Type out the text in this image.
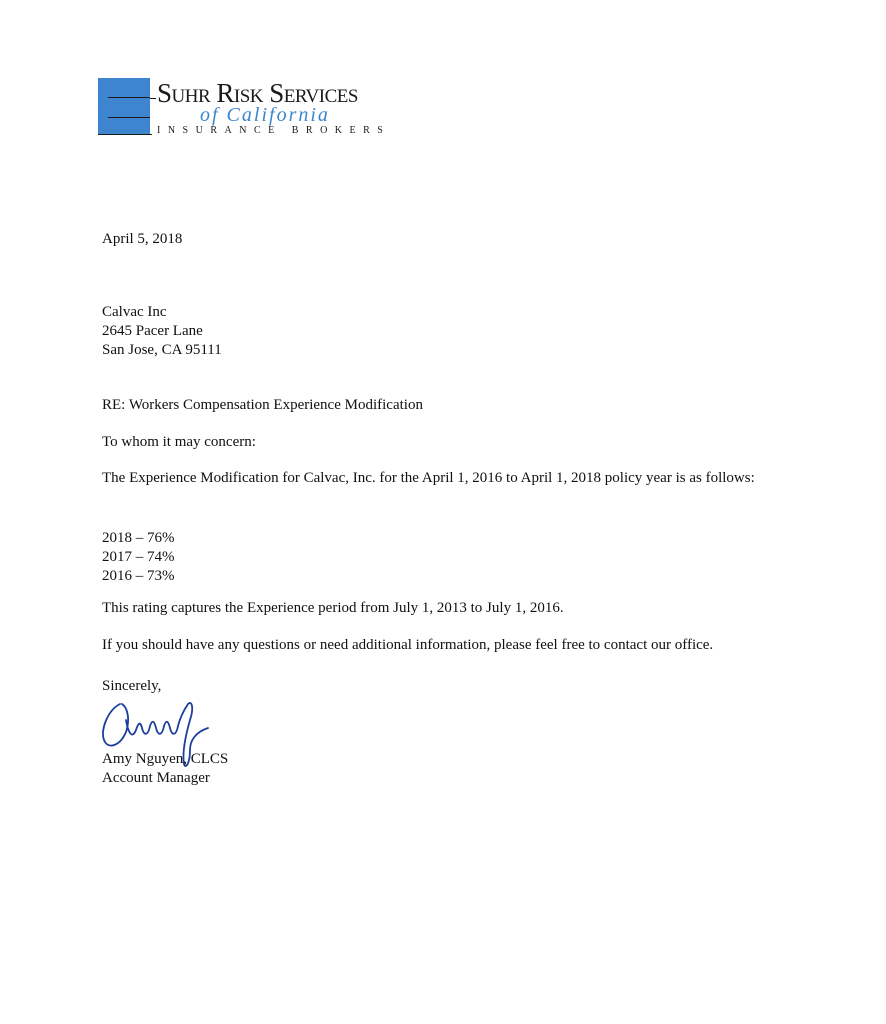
Suhr Risk Services
of California
INSURANCE BROKERS
April 5, 2018
Calvac Inc
2645 Pacer Lane
San Jose, CA 95111
RE: Workers Compensation Experience Modification
To whom it may concern:
The Experience Modification for Calvac, Inc. for the April 1, 2016 to April 1, 2018 policy year is as follows:
2018 – 76%
2017 – 74%
2016 – 73%
This rating captures the Experience period from July 1, 2013 to July 1, 2016.
If you should have any questions or need additional information, please feel free to contact our office.
Sincerely,
Amy Nguyen, CLCS
Account Manager
